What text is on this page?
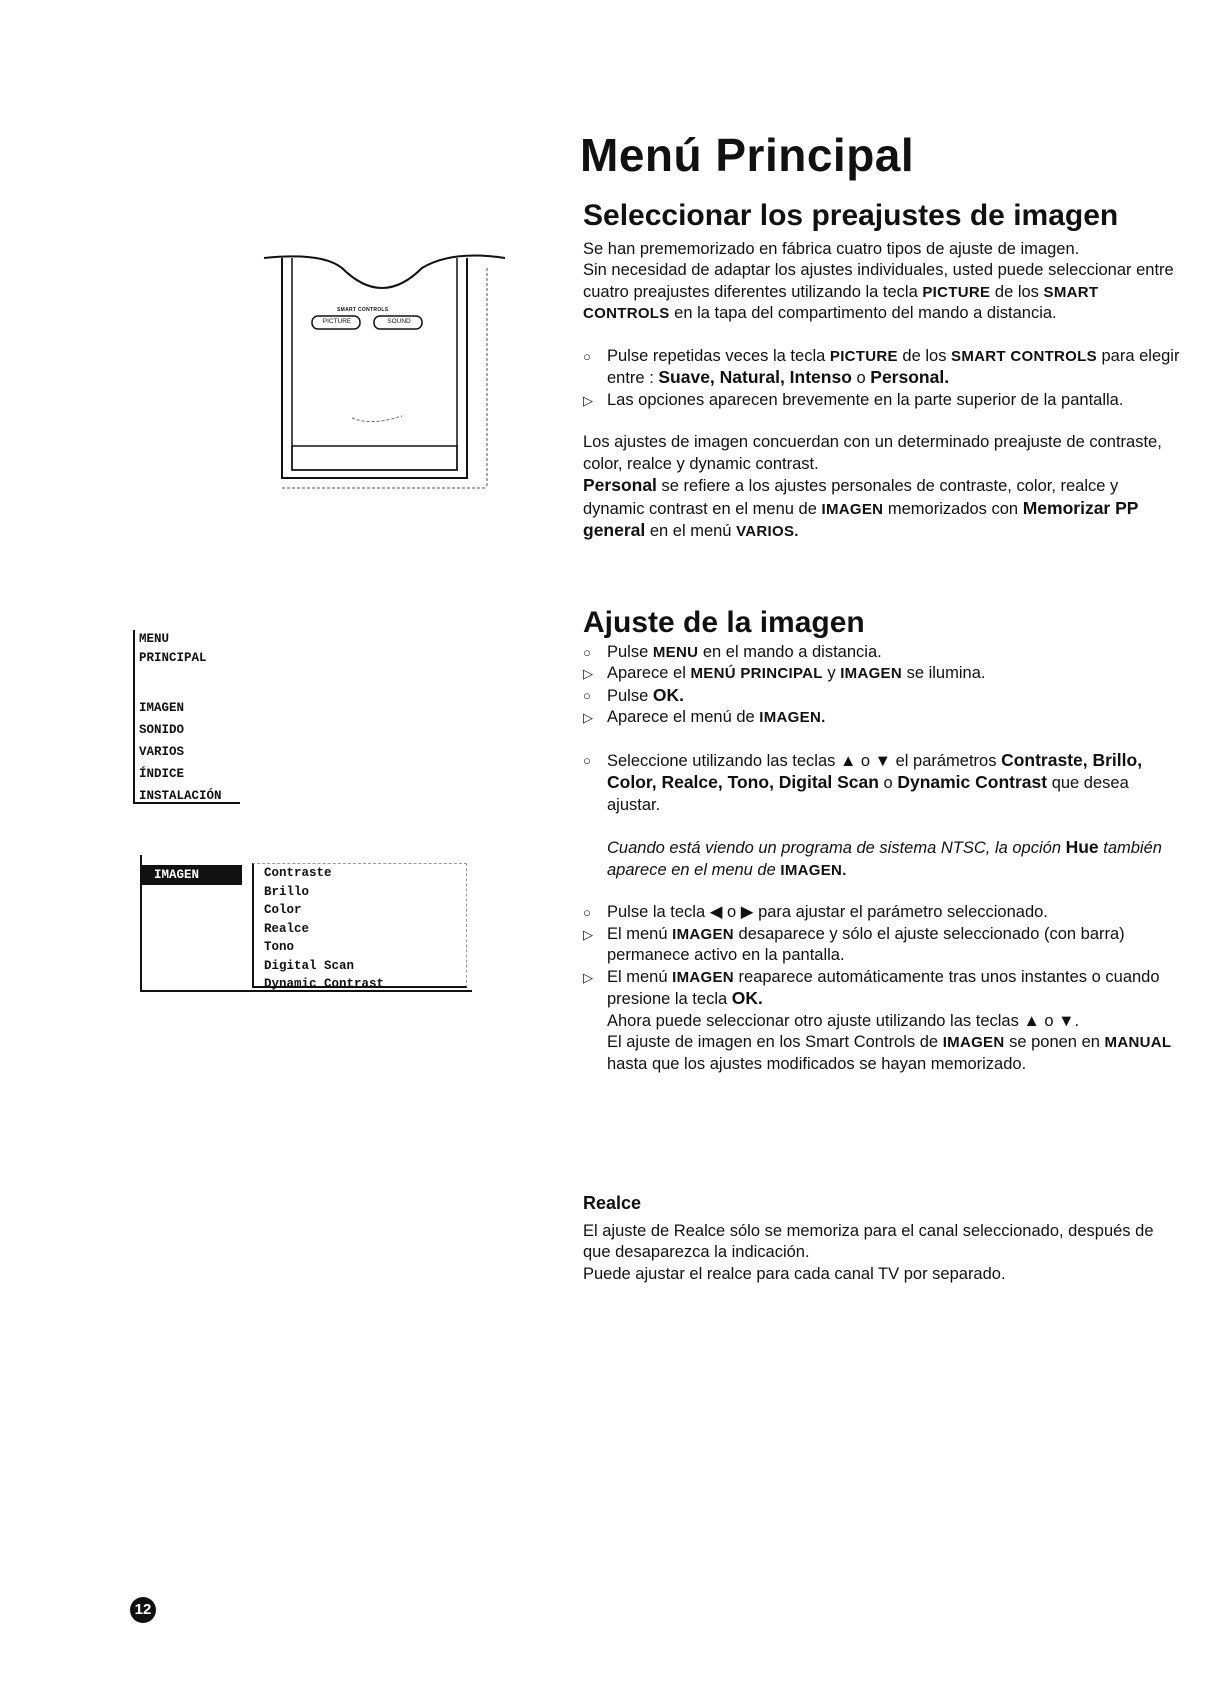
Menú Principal
Seleccionar los preajustes de imagen

Se han prememorizado en fábrica cuatro tipos de ajuste de imagen.
Sin necesidad de adaptar los ajustes individuales, usted puede seleccionar entre
cuatro preajustes diferentes utilizando la tecla PICTURE de los SMART
CONTROLS en la tapa del compartimento del mando a distancia.

○ Pulse repetidas veces la tecla PICTURE de los SMART CONTROLS para elegir
entre : Suave, Natural, Intenso o Personal.

▷ Las opciones aparecen brevemente en la parte superior de la pantalla.

Los ajustes de imagen concuerdan con un determinado preajuste de contraste,
color, realce y dynamic contrast.
Personal se refiere a los ajustes personales de contraste, color, realce y
dynamic contrast en el menu de IMAGEN memorizados con Memorizar PP
general en el menú VARIOS.

SMART CONTROLS
PICTURE	SOUND
MENU
PRINCIPAL
IMAGEN
SONIDO
VARIOS
ÍNDICE
INSTALACIÓN
IMAGEN	Contraste
Brillo
Color
Realce
Tono
Digital Scan
Dynamic Contrast
Ajuste de la imagen
○ Pulse MENU en el mando a distancia.

▷ Aparece el MENÚ PRINCIPAL y IMAGEN se ilumina.

○ Pulse OK.

▷ Aparece el menú de IMAGEN.

○ Seleccione utilizando las teclas ▲ o ▼ el parámetros Contraste, Brillo,
Color, Realce, Tono, Digital Scan o Dynamic Contrast que desea
ajustar.

Cuando está viendo un programa de sistema NTSC, la opción Hue también
aparece en el menu de IMAGEN.

○ Pulse la tecla ◀ o ▶ para ajustar el parámetro seleccionado.

▷ El menú IMAGEN desaparece y sólo el ajuste seleccionado (con barra)
permanece activo en la pantalla.

▷ El menú IMAGEN reaparece automáticamente tras unos instantes o cuando
presione la tecla OK.
Ahora puede seleccionar otro ajuste utilizando las teclas ▲ o ▼.
El ajuste de imagen en los Smart Controls de IMAGEN se ponen en MANUAL
hasta que los ajustes modificados se hayan memorizado.

Realce

El ajuste de Realce sólo se memoriza para el canal seleccionado, después de

que desaparezca la indicación.

Puede ajustar el realce para cada canal TV por separado.

12
